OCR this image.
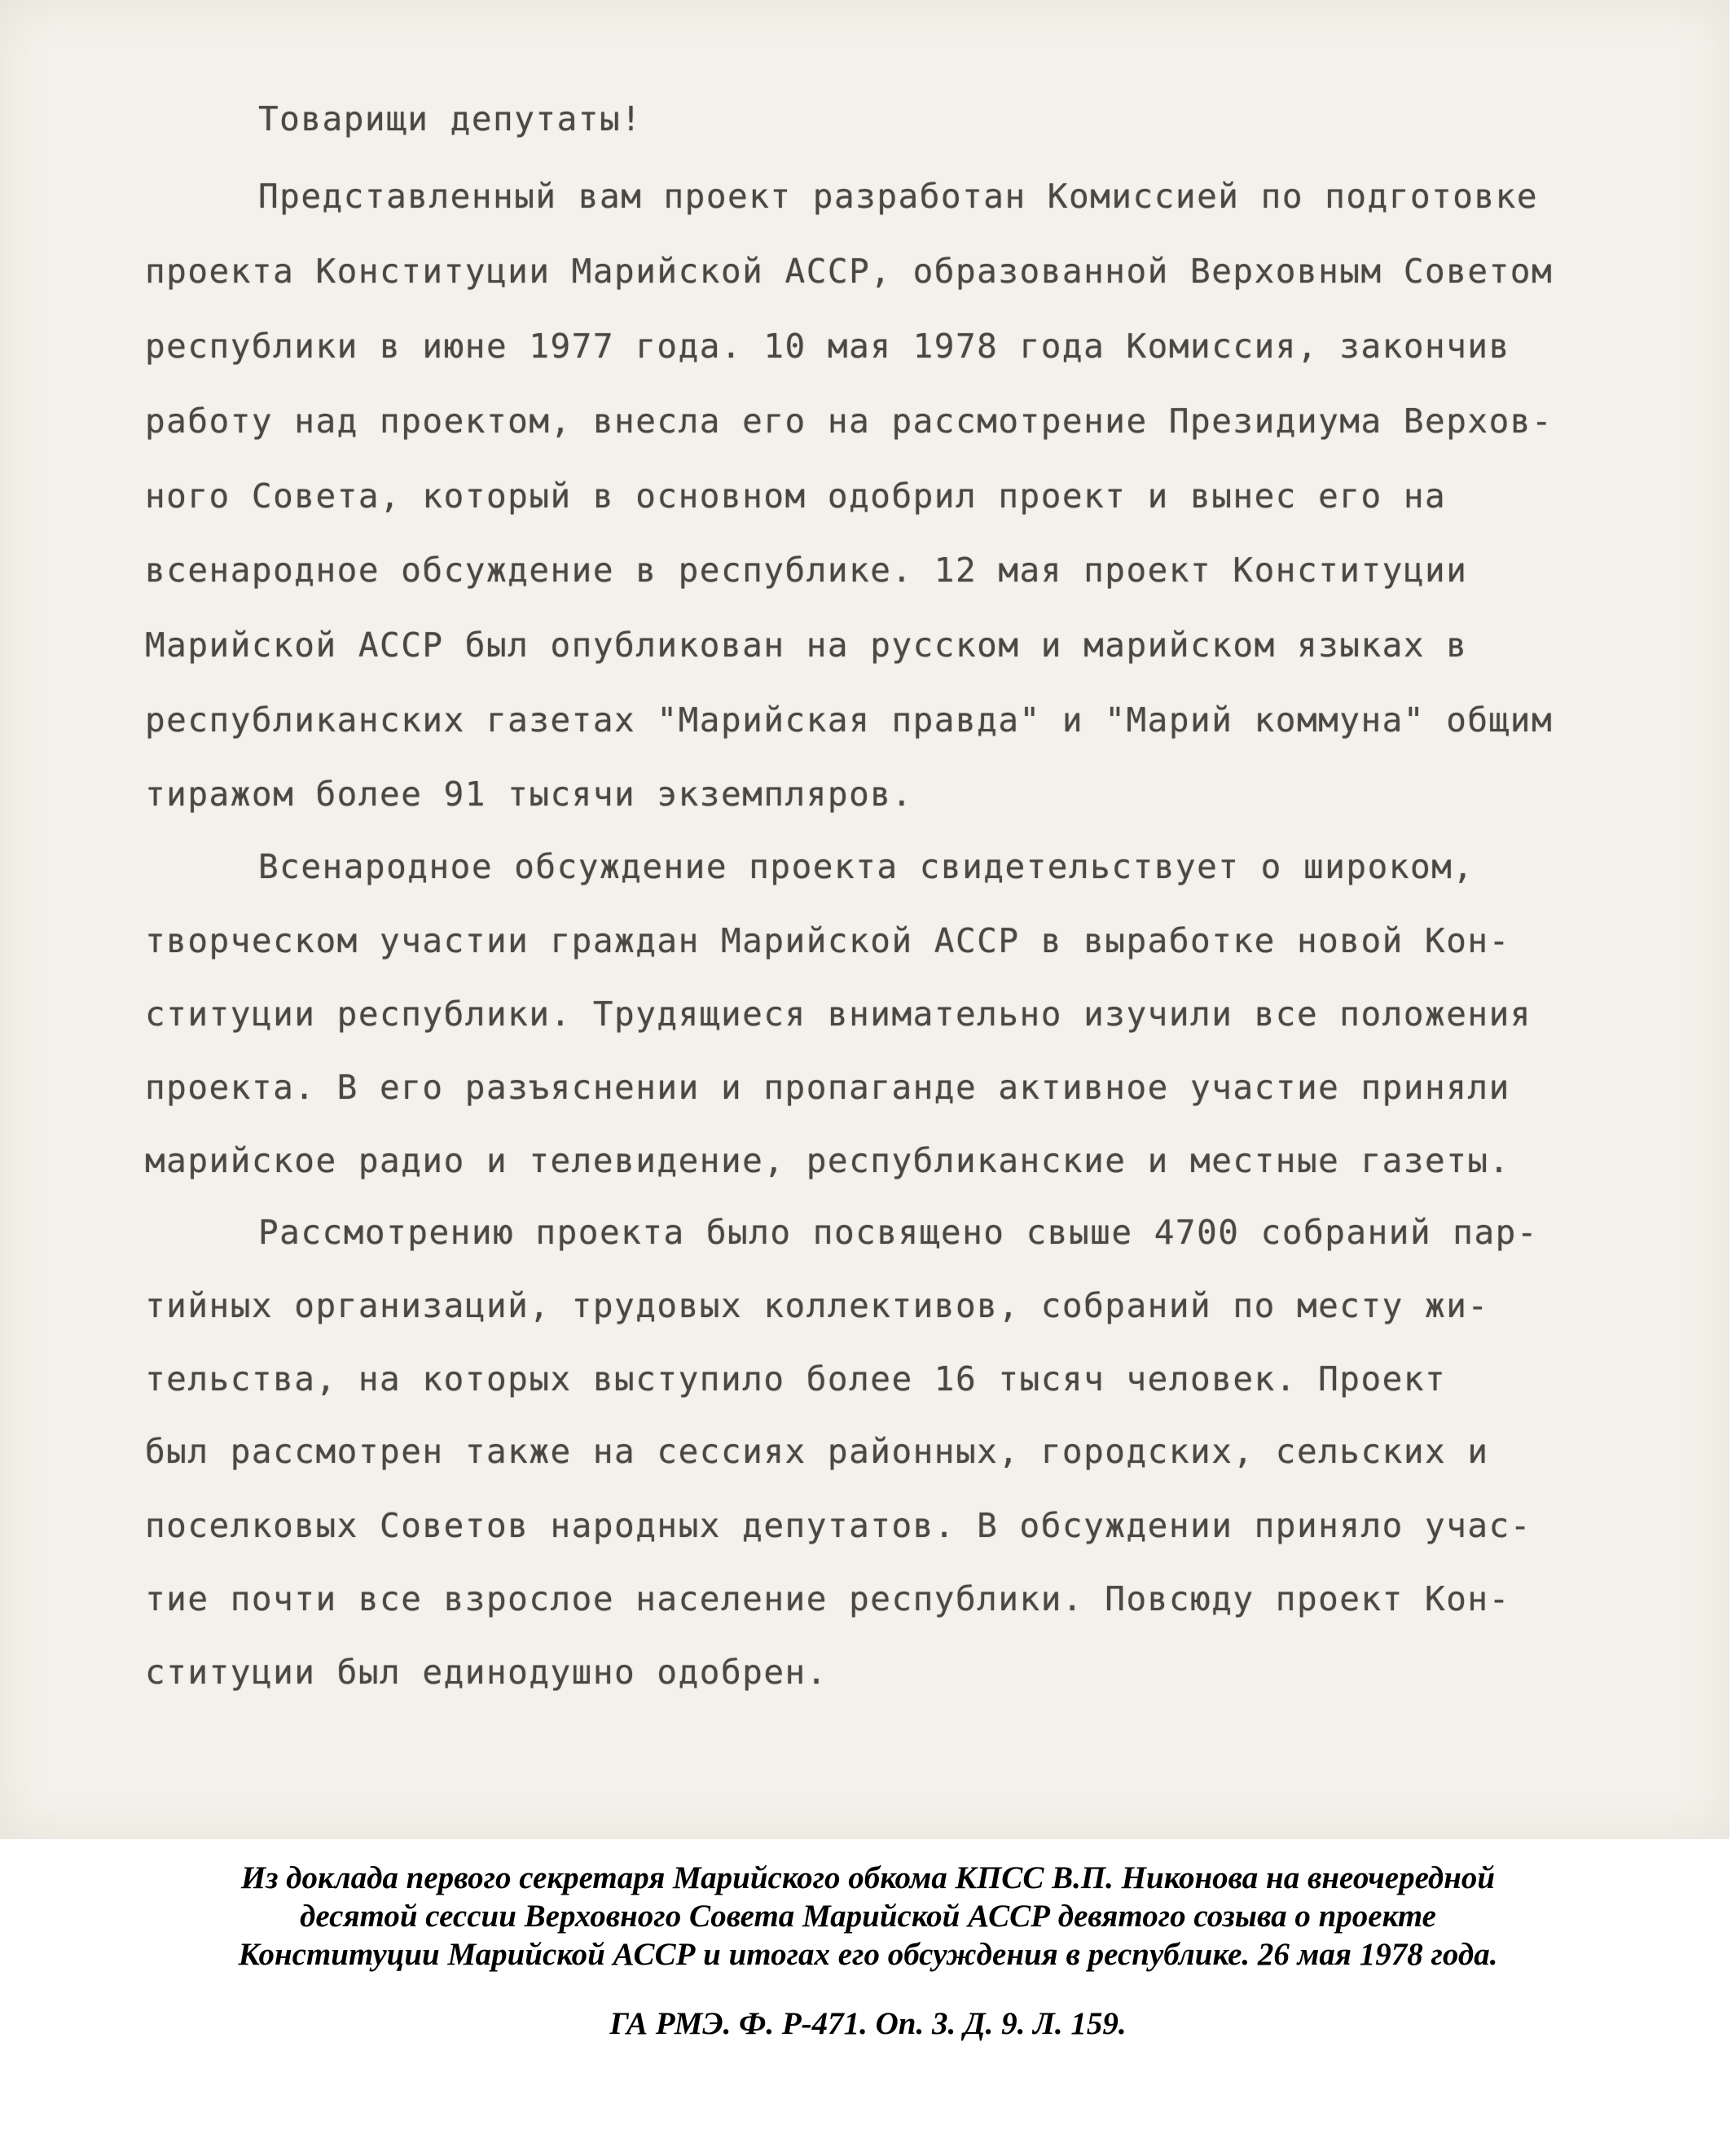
Товарищи депутаты!
Представленный вам проект разработан Комиссией по подготовке
проекта Конституции Марийской АССР, образованной Верховным Советом
республики в июне 1977 года. 10 мая 1978 года Комиссия, закончив
работу над проектом, внесла его на рассмотрение Президиума Верхов-
ного Совета, который в основном одобрил проект и вынес его на
всенародное обсуждение в республике. 12 мая проект Конституции
Марийской АССР был опубликован на русском и марийском языках в
республиканских газетах "Марийская правда" и "Марий коммуна" общим
тиражом более 91 тысячи экземпляров.
Всенародное обсуждение проекта свидетельствует о широком,
творческом участии граждан Марийской АССР в выработке новой Кон-
ституции республики. Трудящиеся внимательно изучили все положения
проекта. В его разъяснении и пропаганде активное участие приняли
марийское радио и телевидение, республиканские и местные газеты.
Рассмотрению проекта было посвящено свыше 4700 собраний пар-
тийных организаций, трудовых коллективов, собраний по месту жи-
тельства, на которых выступило более 16 тысяч человек. Проект
был рассмотрен также на сессиях районных, городских, сельских и
поселковых Советов народных депутатов. В обсуждении приняло учас-
тие почти все взрослое население республики. Повсюду проект Кон-
ституции был единодушно одобрен.
Из доклада первого секретаря Марийского обкома КПСС В.П. Никонова на внеочередной
десятой сессии Верховного Совета Марийской АССР девятого созыва о проекте
Конституции Марийской АССР и итогах его обсуждения в республике. 26 мая 1978 года.
ГА РМЭ. Ф. Р-471. Оп. 3. Д. 9. Л. 159.
